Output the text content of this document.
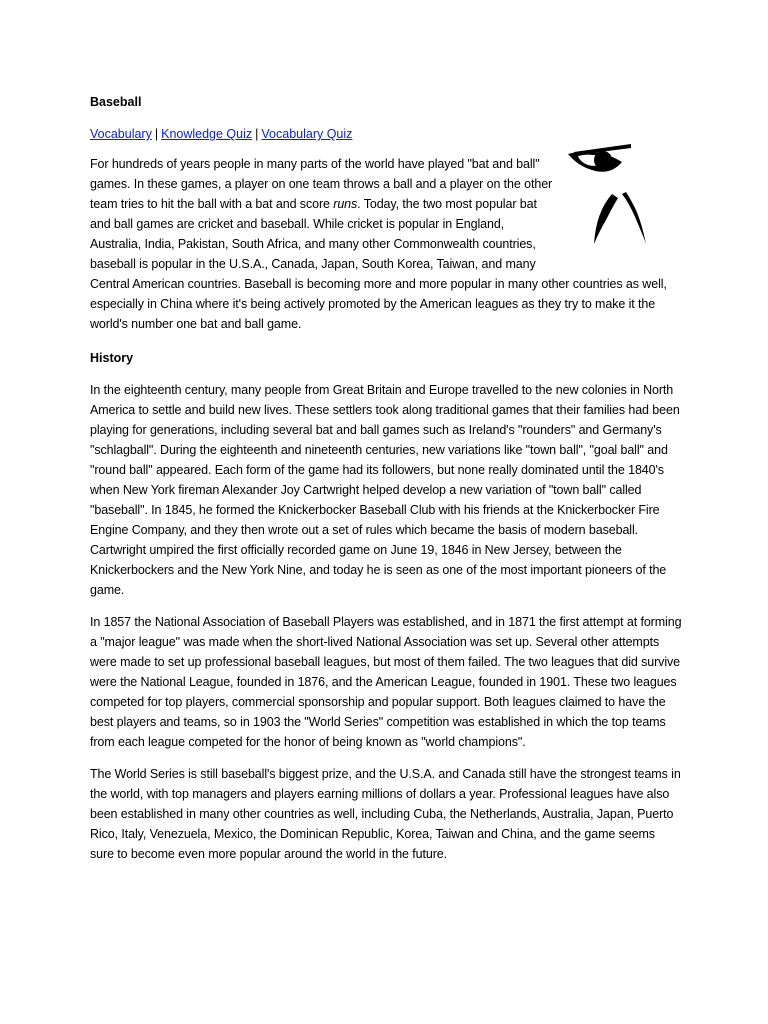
Baseball
Vocabulary | Knowledge Quiz | Vocabulary Quiz

For hundreds of years people in many parts of the world have played "bat and ball" games. In these games, a player on one team throws a ball and a player on the other team tries to hit the ball with a bat and score runs. Today, the two most popular bat and ball games are cricket and baseball. While cricket is popular in England, Australia, India, Pakistan, South Africa, and many other Commonwealth countries, baseball is popular in the U.S.A., Canada, Japan, South Korea, Taiwan, and many Central American countries. Baseball is becoming more and more popular in many other countries as well, especially in China where it's being actively promoted by the American leagues as they try to make it the world's number one bat and ball game.

History

In the eighteenth century, many people from Great Britain and Europe travelled to the new colonies in North America to settle and build new lives. These settlers took along traditional games that their families had been playing for generations, including several bat and ball games such as Ireland's "rounders" and Germany's "schlagball". During the eighteenth and nineteenth centuries, new variations like "town ball", "goal ball" and "round ball" appeared. Each form of the game had its followers, but none really dominated until the 1840's when New York fireman Alexander Joy Cartwright helped develop a new variation of "town ball" called "baseball". In 1845, he formed the Knickerbocker Baseball Club with his friends at the Knickerbocker Fire Engine Company, and they then wrote out a set of rules which became the basis of modern baseball. Cartwright umpired the first officially recorded game on June 19, 1846 in New Jersey, between the Knickerbockers and the New York Nine, and today he is seen as one of the most important pioneers of the game.

In 1857 the National Association of Baseball Players was established, and in 1871 the first attempt at forming a "major league" was made when the short-lived National Association was set up. Several other attempts were made to set up professional baseball leagues, but most of them failed. The two leagues that did survive were the National League, founded in 1876, and the American League, founded in 1901. These two leagues competed for top players, commercial sponsorship and popular support. Both leagues claimed to have the best players and teams, so in 1903 the "World Series" competition was established in which the top teams from each league competed for the honor of being known as "world champions".

The World Series is still baseball's biggest prize, and the U.S.A. and Canada still have the strongest teams in the world, with top managers and players earning millions of dollars a year. Professional leagues have also been established in many other countries as well, including Cuba, the Netherlands, Australia, Japan, Puerto Rico, Italy, Venezuela, Mexico, the Dominican Republic, Korea, Taiwan and China, and the game seems sure to become even more popular around the world in the future.
